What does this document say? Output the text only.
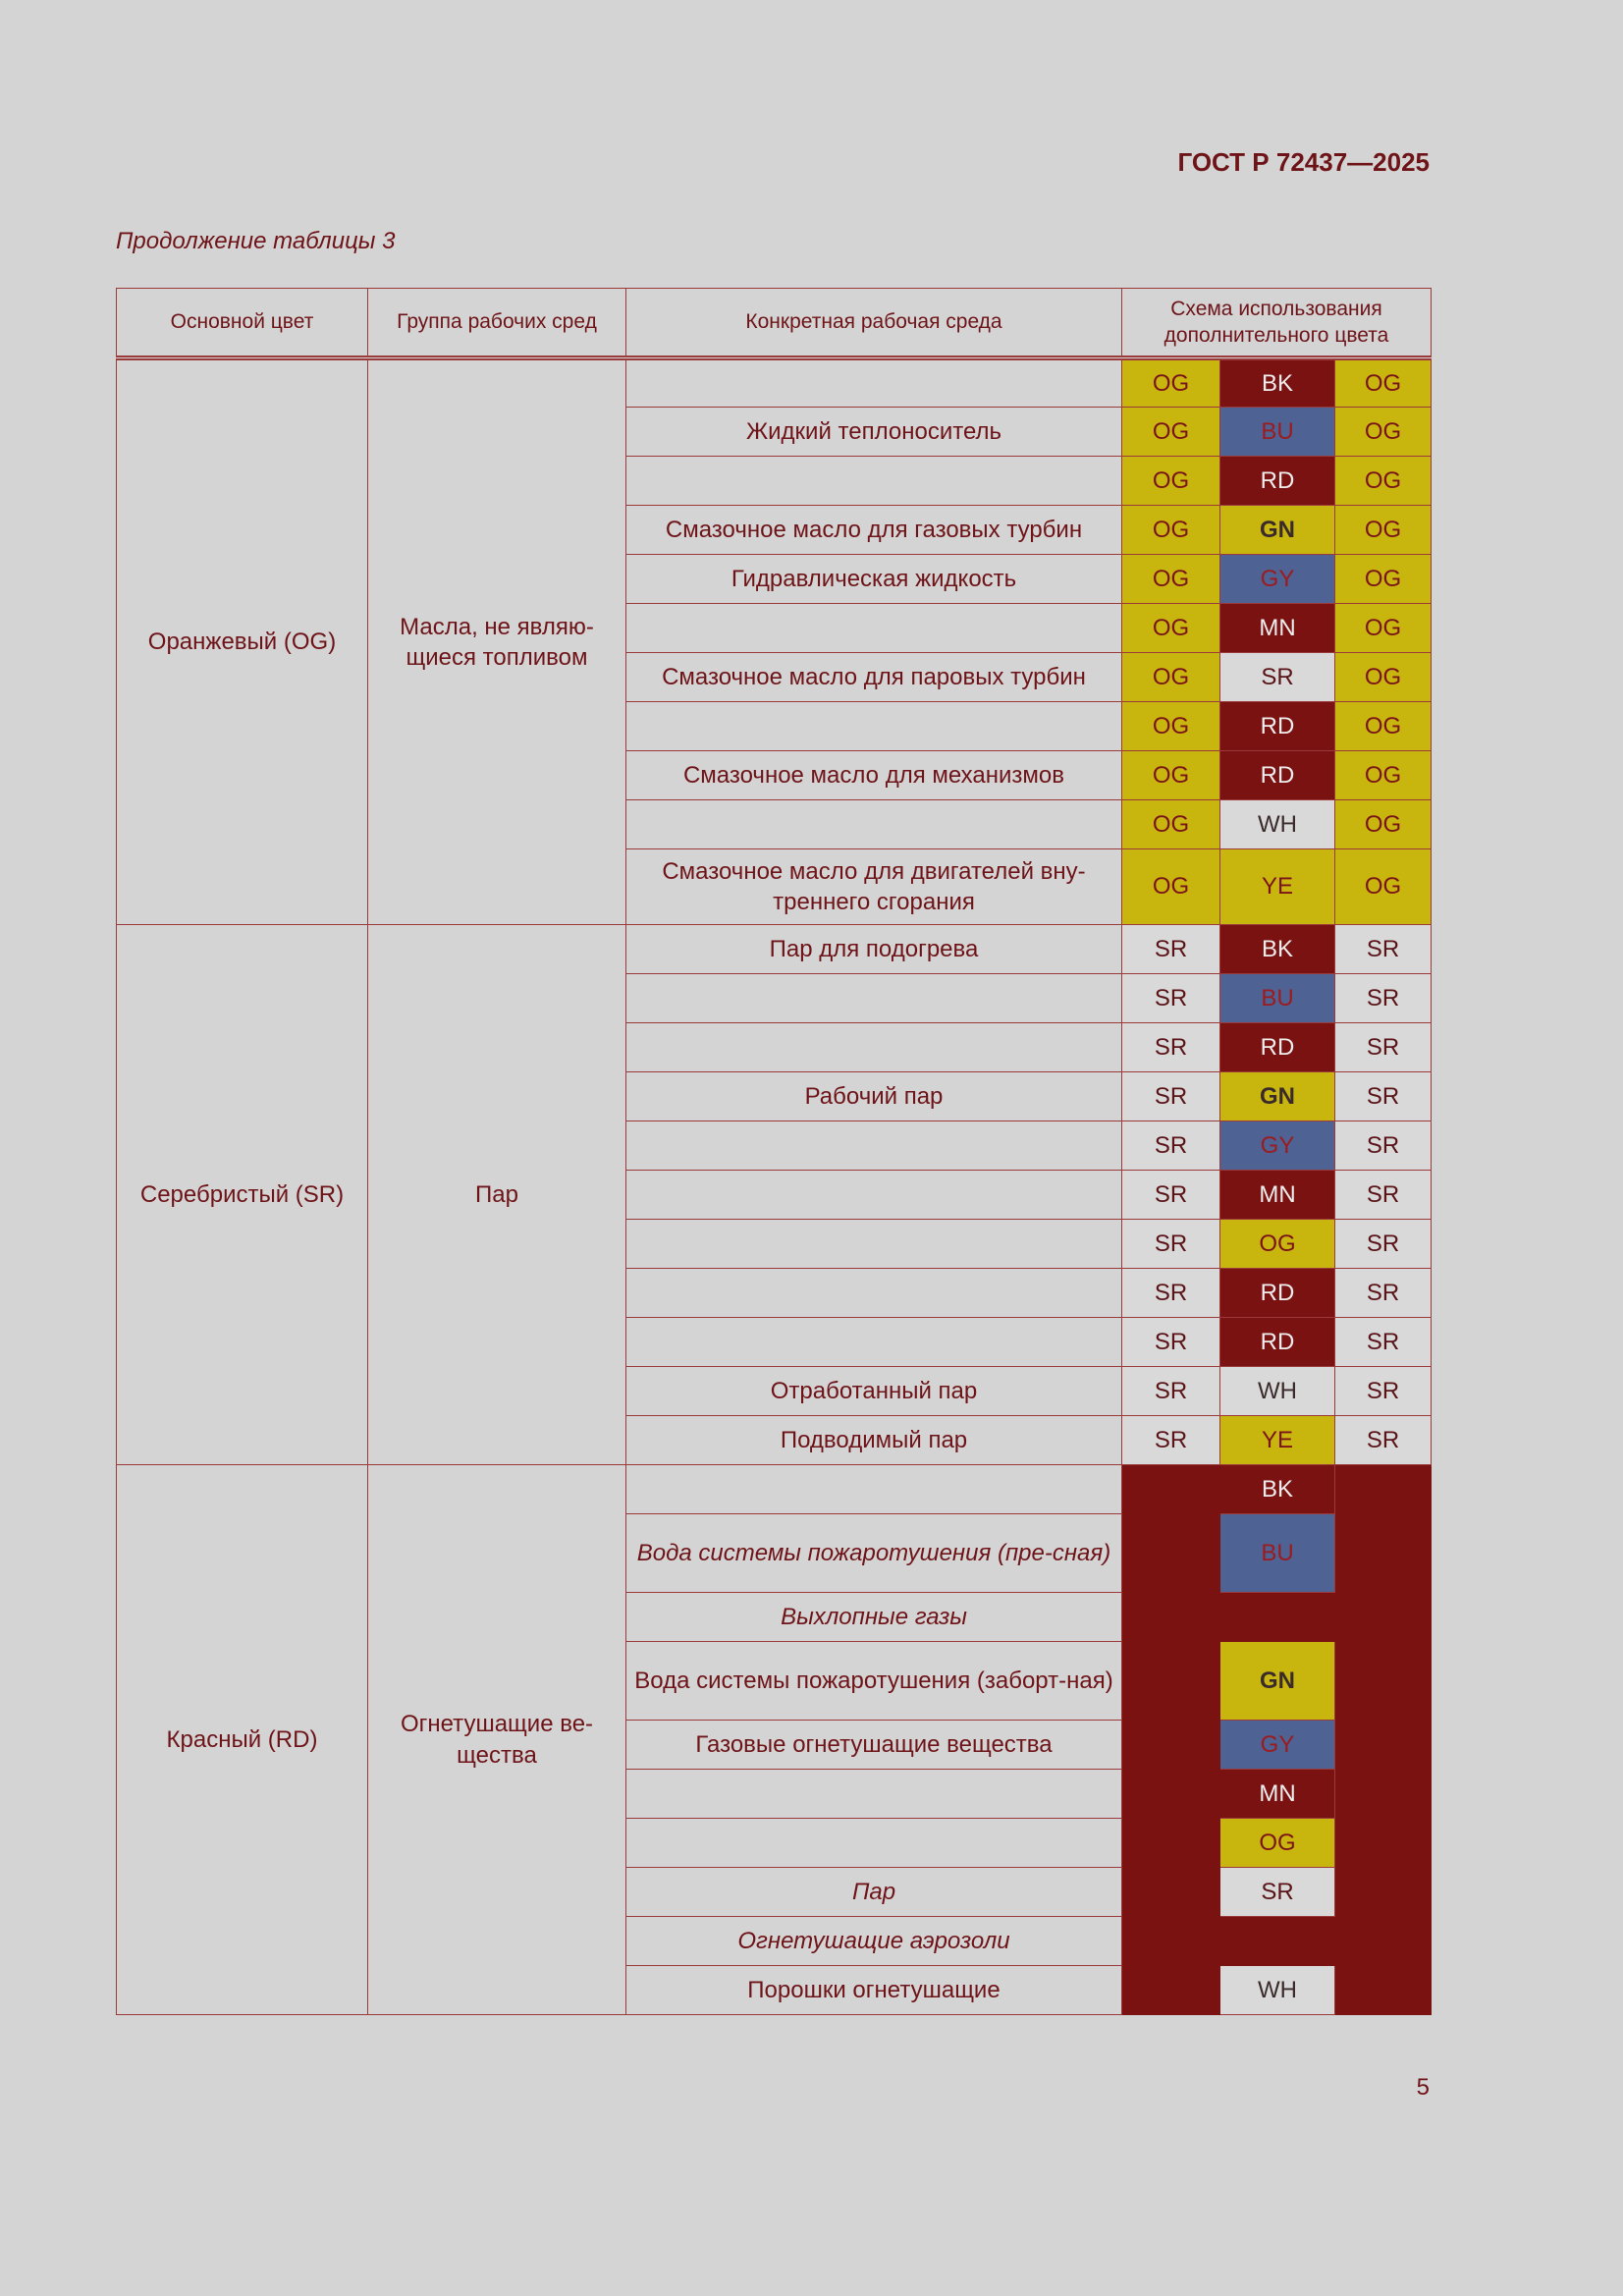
ГОСТ Р 72437—2025
Продолжение таблицы 3
Основной цвет	Группа рабочих сред	Конкретная рабочая среда	Схема использования дополнительного цвета		
Оранжевый (OG)	Масла, не являю-щиеся топливом		OG	BK	OG
		Жидкий теплоноситель	OG	BU	OG
			OG	RD	OG
		Смазочное масло для газовых турбин	OG	GN	OG
		Гидравлическая жидкость	OG	GY	OG
			OG	MN	OG
		Смазочное масло для паровых турбин	OG	SR	OG
			OG	RD	OG
		Смазочное масло для механизмов	OG	RD	OG
			OG	WH	OG
		Смазочное масло для двигателей вну-треннего сгорания	OG	YE	OG
Серебристый (SR)	Пар	Пар для подогрева	SR	BK	SR
			SR	BU	SR
			SR	RD	SR
		Рабочий пар	SR	GN	SR
			SR	GY	SR
			SR	MN	SR
			SR	OG	SR
			SR	RD	SR
			SR	RD	SR
		Отработанный пар	SR	WH	SR
		Подводимый пар	SR	YE	SR
Красный (RD)	Огнетушащие ве-щества			BK	
		Вода системы пожаротушения (пре-сная)		BU	
		Выхлопные газы			
		Вода системы пожаротушения (заборт-ная)		GN	
		Газовые огнетушащие вещества		GY	
				MN	
				OG	
		Пар		SR	
		Огнетушащие аэрозоли			
		Порошки огнетушащие		WH	
5
